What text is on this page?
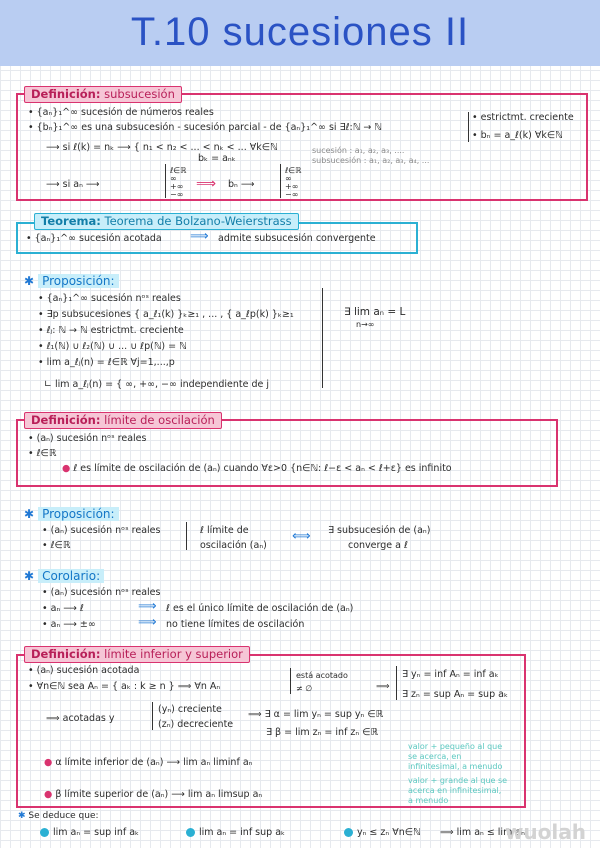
T.10 sucesiones II
Definición: subsucesión
• {aₙ}₁^∞ sucesión de números reales
• {bₙ}₁^∞ es una subsucesión - sucesión parcial - de {aₙ}₁^∞ si ∃ℓ:ℕ → ℕ
• estrictmt. creciente
• bₙ = a_ℓ(k) ∀k∈ℕ
⟶ si ℓ(k) = nₖ ⟶ { n₁ < n₂ < ... < nₖ < ... ∀k∈ℕ
bₖ = aₙₖ
sucesión : a₁, a₂, a₃, ....
subsucesión : a₁, a₂, a₃, a₄, ...
⟶ si aₙ ⟶
ℓ∈ℝ
∞
+∞
−∞
⟹ bₙ ⟶
ℓ∈ℝ
∞
+∞
−∞
Teorema: Teorema de Bolzano-Weierstrass
• {aₙ}₁^∞ sucesión acotada ⟹ admite subsucesión convergente
✱ Proposición:
• {aₙ}₁^∞ sucesión nᵒˢ reales
• ∃p subsucesiones { a_ℓ₁(k) }ₖ≥₁ , ... , { a_ℓp(k) }ₖ≥₁
• ℓⱼ: ℕ → ℕ estrictmt. creciente
• ℓ₁(ℕ) ∪ ℓ₂(ℕ) ∪ ... ∪ ℓp(ℕ) = ℕ
• lim a_ℓⱼ(n) = ℓ∈ℝ ∀j=1,...,p
∟ lim a_ℓⱼ(n) = { ∞, +∞, −∞ independiente de j
∃ lim aₙ = L
n→∞
Definición: límite de oscilación
• (aₙ) sucesión nᵒˢ reales
• ℓ∈ℝ
● ℓ es límite de oscilación de (aₙ) cuando ∀ε>0 {n∈ℕ: ℓ−ε < aₙ < ℓ+ε} es infinito
✱ Proposición:
• (aₙ) sucesión nᵒˢ reales
• ℓ∈ℝ
ℓ límite de
oscilación (aₙ)
⟺ ∃ subsucesión de (aₙ)
converge a ℓ
✱ Corolario:
• (aₙ) sucesión nᵒˢ reales
• aₙ ⟶ ℓ	⟹ ℓ es el único límite de oscilación de (aₙ)
• aₙ ⟶ ±∞	⟹ no tiene límites de oscilación
Definición: límite inferior y superior
• (aₙ) sucesión acotada
• ∀n∈ℕ sea Aₙ = { aₖ : k ≥ n } ⟹ ∀n Aₙ
está acotado
≠ ∅	⟹
∃ yₙ = inf Aₙ = inf aₖ
∃ zₙ = sup Aₙ = sup aₖ
⟹ acotadas y
(yₙ) creciente
(zₙ) decreciente
⟹ ∃ α = lim yₙ = sup yₙ ∈ℝ
∃ β = lim zₙ = inf zₙ ∈ℝ
● α límite inferior de (aₙ) ⟶ lim aₙ liminf aₙ
valor + pequeño al que se acerca, en infinitesimal, a menudo
● β límite superior de (aₙ) ⟶ lim aₙ limsup aₙ
valor + grande al que se acerca en infinitesimal, a menudo
✱ Se deduce que:
lim aₙ = sup inf aₖ	lim aₙ = inf sup aₖ	yₙ ≤ zₙ ∀n∈ℕ ⟹ lim aₙ ≤ lim aₙ
wuolah
